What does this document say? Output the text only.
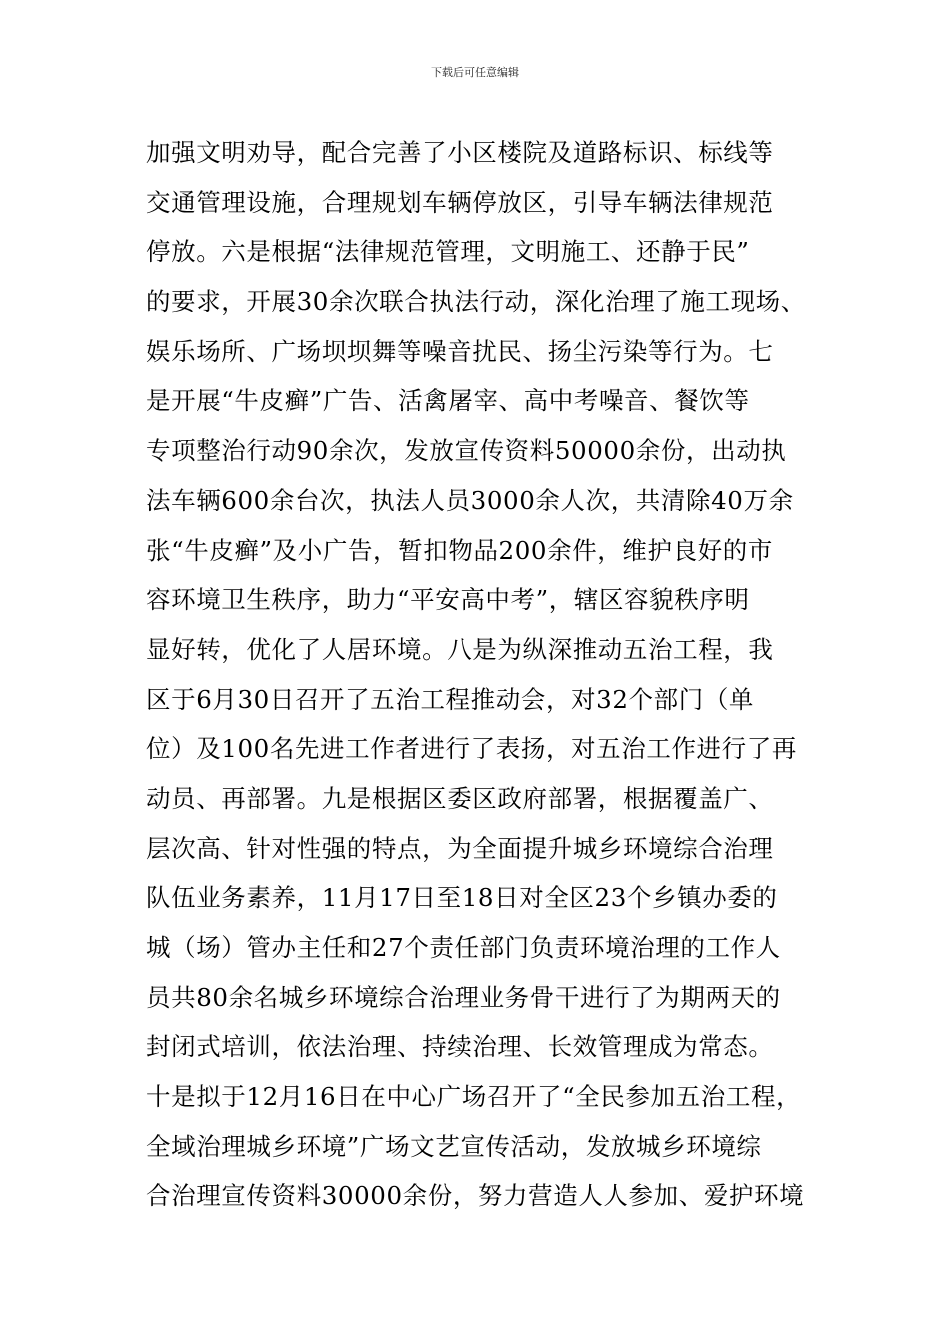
下载后可任意编辑
加强文明劝导，配合完善了小区楼院及道路标识、标线等
交通管理设施，合理规划车辆停放区，引导车辆法律规范
停放。六是根据“法律规范管理，文明施工、还静于民”
的要求，开展30余次联合执法行动，深化治理了施工现场、
娱乐场所、广场坝坝舞等噪音扰民、扬尘污染等行为。七
是开展“牛皮癣”广告、活禽屠宰、高中考噪音、餐饮等
专项整治行动90余次，发放宣传资料50000余份，出动执
法车辆600余台次，执法人员3000余人次，共清除40万余
张“牛皮癣”及小广告，暂扣物品200余件，维护良好的市
容环境卫生秩序，助力“平安高中考”，辖区容貌秩序明
显好转，优化了人居环境。八是为纵深推动五治工程，我
区于6月30日召开了五治工程推动会，对32个部门（单
位）及100名先进工作者进行了表扬，对五治工作进行了再
动员、再部署。九是根据区委区政府部署，根据覆盖广、
层次高、针对性强的特点，为全面提升城乡环境综合治理
队伍业务素养，11月17日至18日对全区23个乡镇办委的
城（场）管办主任和27个责任部门负责环境治理的工作人
员共80余名城乡环境综合治理业务骨干进行了为期两天的
封闭式培训，依法治理、持续治理、长效管理成为常态。
十是拟于12月16日在中心广场召开了“全民参加五治工程，
全域治理城乡环境”广场文艺宣传活动，发放城乡环境综
合治理宣传资料30000余份，努力营造人人参加、爱护环境
